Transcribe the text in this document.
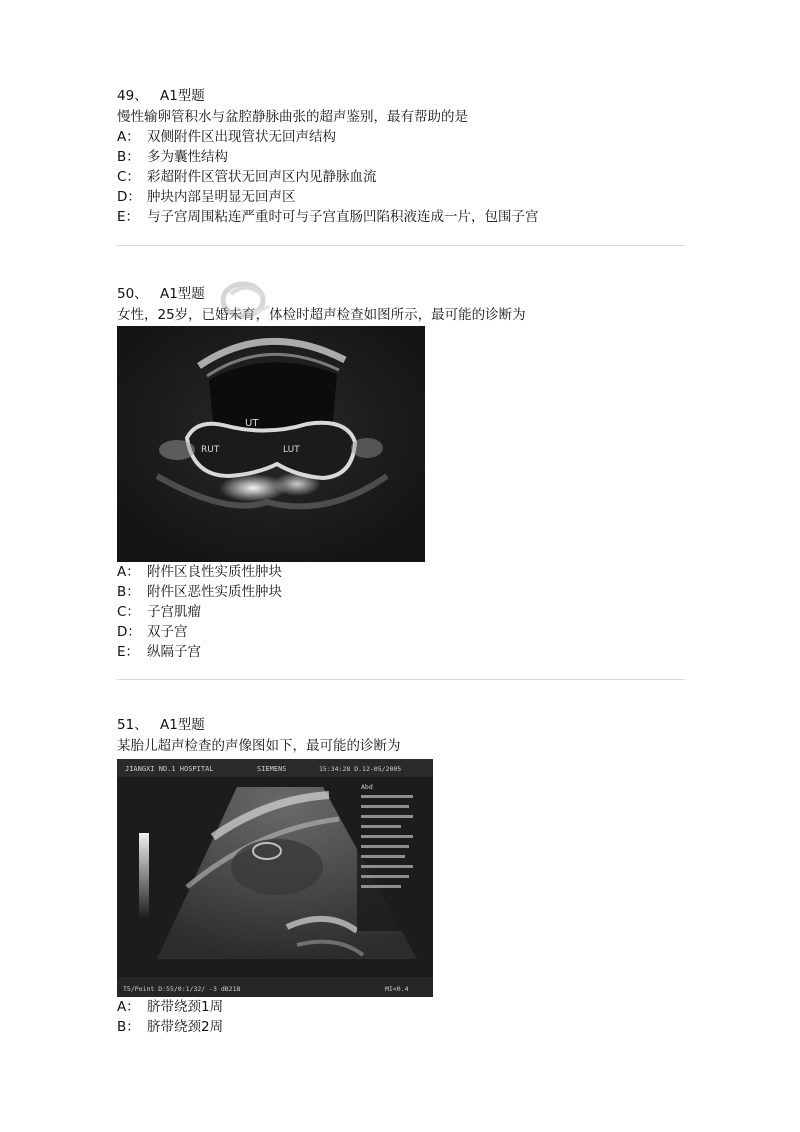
49、 A1型题
慢性输卵管积水与盆腔静脉曲张的超声鉴别，最有帮助的是
A： 双侧附件区出现管状无回声结构
B： 多为囊性结构
C： 彩超附件区管状无回声区内见静脉血流
D： 肿块内部呈明显无回声区
E： 与子宫周围粘连严重时可与子宫直肠凹陷积液连成一片，包围子宫
50、 A1型题
女性，25岁，已婚未育，体检时超声检查如图所示，最可能的诊断为
UT
RUT	LUT
A： 附件区良性实质性肿块
B： 附件区恶性实质性肿块
C： 子宫肌瘤
D： 双子宫
E： 纵隔子宫
51、 A1型题
某胎儿超声检查的声像图如下，最可能的诊断为
JIANGXI NO.1 HOSPITAL	SIEMENS	15:34:28 D.12-05/2005
Abd
T5/Point D:55/0:1/32/ -3 dB218	MI<0.4
A： 脐带绕颈1周
B： 脐带绕颈2周
